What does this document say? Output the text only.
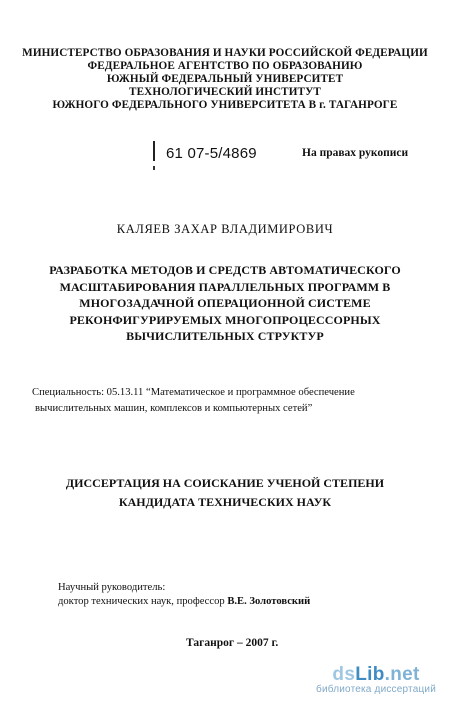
МИНИСТЕРСТВО ОБРАЗОВАНИЯ И НАУКИ РОССИЙСКОЙ ФЕДЕРАЦИИ
ФЕДЕРАЛЬНОЕ АГЕНТСТВО ПО ОБРАЗОВАНИЮ
ЮЖНЫЙ ФЕДЕРАЛЬНЫЙ УНИВЕРСИТЕТ
ТЕХНОЛОГИЧЕСКИЙ ИНСТИТУТ
ЮЖНОГО ФЕДЕРАЛЬНОГО УНИВЕРСИТЕТА В г. ТАГАНРОГЕ
61 07-5/4869	На правах рукописи
КАЛЯЕВ ЗАХАР ВЛАДИМИРОВИЧ
РАЗРАБОТКА МЕТОДОВ И СРЕДСТВ АВТОМАТИЧЕСКОГО
МАСШТАБИРОВАНИЯ ПАРАЛЛЕЛЬНЫХ ПРОГРАММ В
МНОГОЗАДАЧНОЙ ОПЕРАЦИОННОЙ СИСТЕМЕ
РЕКОНФИГУРИРУЕМЫХ МНОГОПРОЦЕССОРНЫХ
ВЫЧИСЛИТЕЛЬНЫХ СТРУКТУР
Специальность: 05.13.11 “Математическое и программное обеспечение
вычислительных машин, комплексов и компьютерных сетей”
ДИССЕРТАЦИЯ НА СОИСКАНИЕ УЧЕНОЙ СТЕПЕНИ
КАНДИДАТА ТЕХНИЧЕСКИХ НАУК
Научный руководитель:
доктор технических наук, профессор В.Е. Золотовский
Таганрог – 2007 г.
dsLib.net
библиотека диссертаций
